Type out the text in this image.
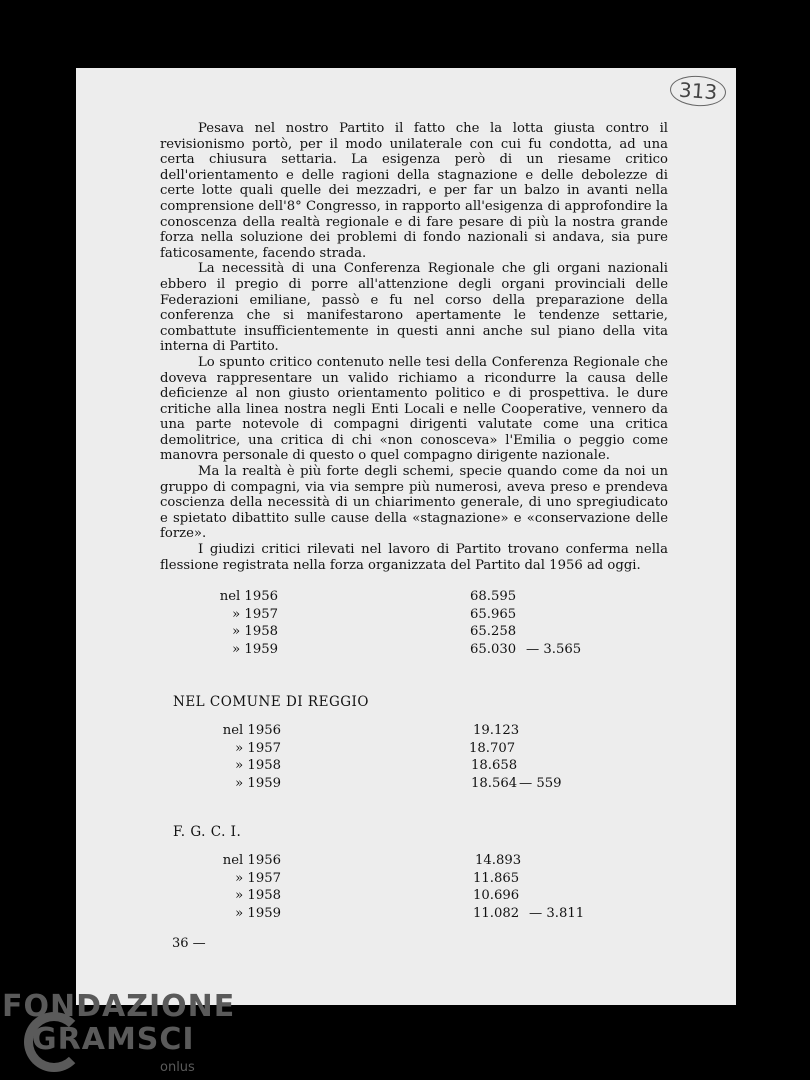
313

Pesava nel nostro Partito il fatto che la lotta giusta contro il revisionismo portò, per il modo unilaterale con cui fu condotta, ad una certa chiusura settaria. La esigenza però di un riesame critico dell'orientamento e delle ragioni della stagnazione e delle debolezze di certe lotte quali quelle dei mezzadri, e per far un balzo in avanti nella comprensione dell'8° Congresso, in rapporto all'esigenza di approfondire la conoscenza della realtà regionale e di fare pesare di più la nostra grande forza nella soluzione dei problemi di fondo nazionali si andava, sia pure faticosamente, facendo strada.

La necessità di una Conferenza Regionale che gli organi nazionali ebbero il pregio di porre all'attenzione degli organi provinciali delle Federazioni emiliane, passò e fu nel corso della preparazione della conferenza che si manifestarono apertamente le tendenze settarie, combattute insufficientemente in questi anni anche sul piano della vita interna di Partito.

Lo spunto critico contenuto nelle tesi della Conferenza Regionale che doveva rappresentare un valido richiamo a ricondurre la causa delle deficienze al non giusto orientamento politico e di prospettiva. le dure critiche alla linea nostra negli Enti Locali e nelle Cooperative, vennero da una parte notevole di compagni dirigenti valutate come una critica demolitrice, una critica di chi «non conosceva» l'Emilia o peggio come manovra personale di questo o quel compagno dirigente nazionale.

Ma la realtà è più forte degli schemi, specie quando come da noi un gruppo di compagni, via via sempre più numerosi, aveva preso e prendeva coscienza della necessità di un chiarimento generale, di uno spregiudicato e spietato dibattito sulle cause della «stagnazione» e «conservazione delle forze».

I giudizi critici rilevati nel lavoro di Partito trovano conferma nella flessione registrata nella forza organizzata del Partito dal 1956 ad oggi.

nel 1956	68.595
» 1957	65.965
» 1958	65.258
» 1959	65.030 — 3.565
NEL COMUNE DI REGGIO
nel 1956	19.123
» 1957	18.707
» 1958	18.658
» 1959	18.564 — 559
F. G. C. I.
nel 1956	14.893
» 1957	11.865
» 1958	10.696
» 1959	11.082 — 3.811
36 —
FONDAZIONE
GRAMSCI
onlus
